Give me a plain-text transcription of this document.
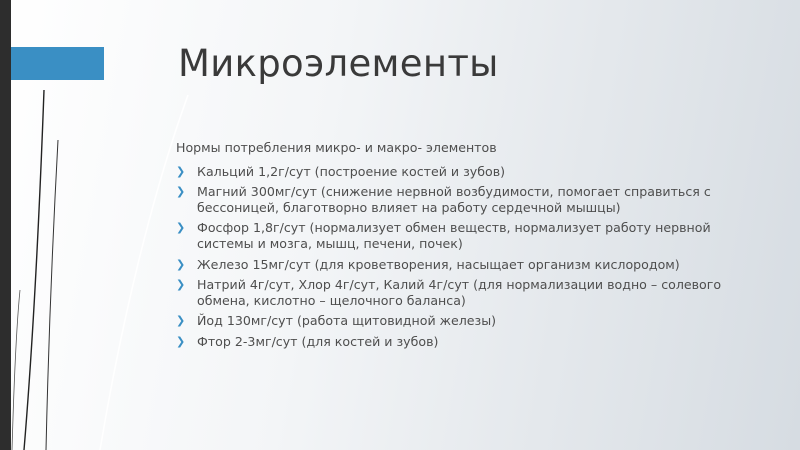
Микроэлементы

Нормы потребления микро- и макро- элементов

❯ Кальций 1,2г/сут (построение костей и зубов)
❯ Магний 300мг/сут (снижение нервной возбудимости, помогает справиться с бессоницей, благотворно влияет на работу сердечной мышцы)
❯ Фосфор 1,8г/сут (нормализует обмен веществ, нормализует работу нервной системы и мозга, мышц, печени, почек)
❯ Железо 15мг/сут (для кроветворения, насыщает организм кислородом)
❯ Натрий 4г/сут, Хлор 4г/сут, Калий 4г/сут (для нормализации водно – солевого обмена, кислотно – щелочного баланса)
❯ Йод 130мг/сут (работа щитовидной железы)
❯ Фтор 2-3мг/сут (для костей и зубов)
